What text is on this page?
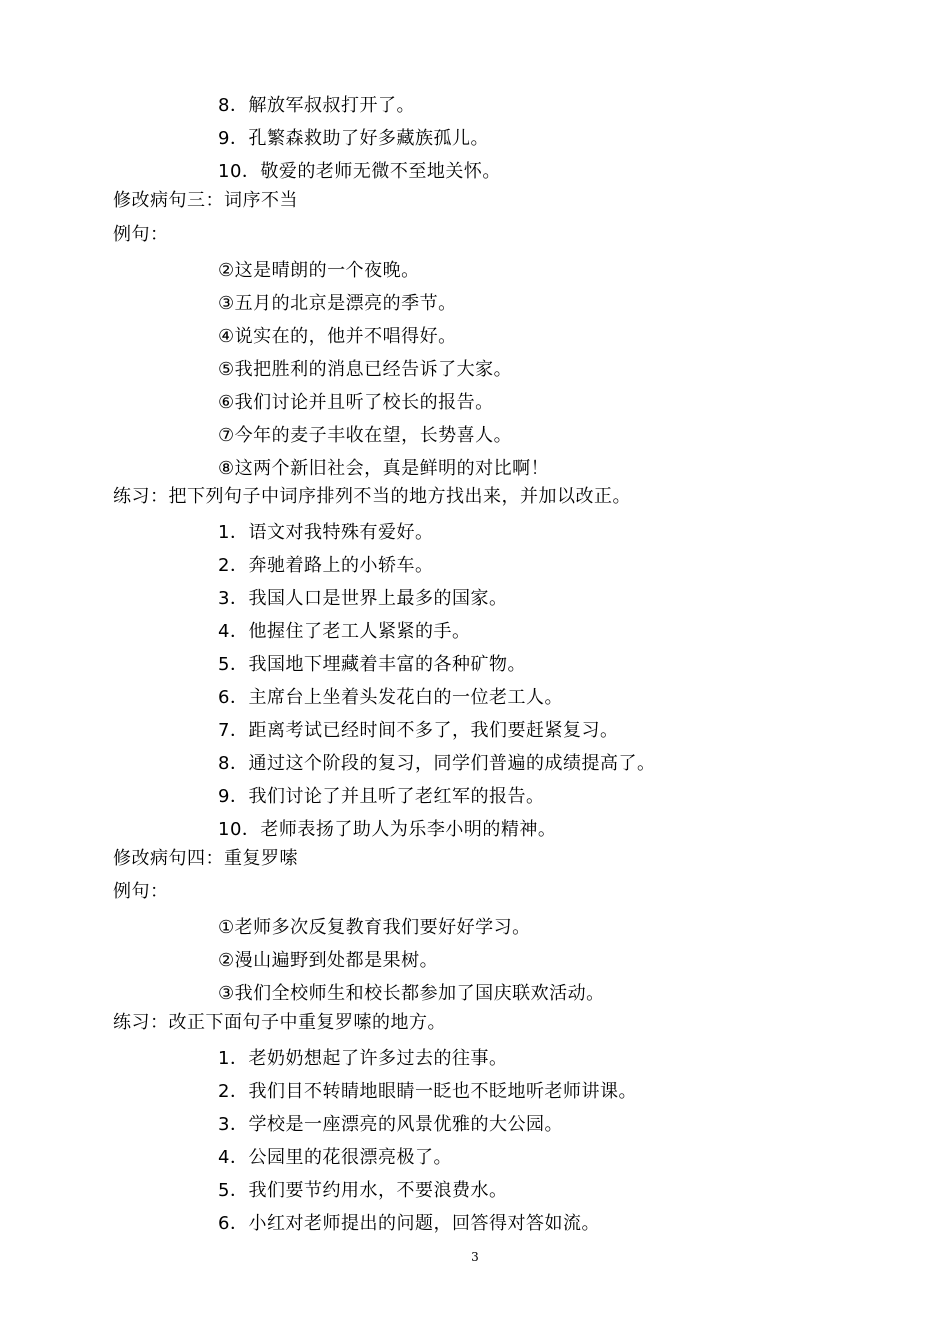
8．解放军叔叔打开了。
9．孔繁森救助了好多藏族孤儿。
10．敬爱的老师无微不至地关怀。
修改病句三：词序不当
例句：
②这是晴朗的一个夜晚。
③五月的北京是漂亮的季节。
④说实在的，他并不唱得好。
⑤我把胜利的消息已经告诉了大家。
⑥我们讨论并且听了校长的报告。
⑦今年的麦子丰收在望，长势喜人。
⑧这两个新旧社会，真是鲜明的对比啊！
练习：把下列句子中词序排列不当的地方找出来，并加以改正。
1．语文对我特殊有爱好。
2．奔驰着路上的小轿车。
3．我国人口是世界上最多的国家。
4．他握住了老工人紧紧的手。
5．我国地下埋藏着丰富的各种矿物。
6．主席台上坐着头发花白的一位老工人。
7．距离考试已经时间不多了，我们要赶紧复习。
8．通过这个阶段的复习，同学们普遍的成绩提高了。
9．我们讨论了并且听了老红军的报告。
10．老师表扬了助人为乐李小明的精神。
修改病句四：重复罗嗦
例句：
①老师多次反复教育我们要好好学习。
②漫山遍野到处都是果树。
③我们全校师生和校长都参加了国庆联欢活动。
练习：改正下面句子中重复罗嗦的地方。
1．老奶奶想起了许多过去的往事。
2．我们目不转睛地眼睛一眨也不眨地听老师讲课。
3．学校是一座漂亮的风景优雅的大公园。
4．公园里的花很漂亮极了。
5．我们要节约用水，不要浪费水。
6．小红对老师提出的问题，回答得对答如流。
3
